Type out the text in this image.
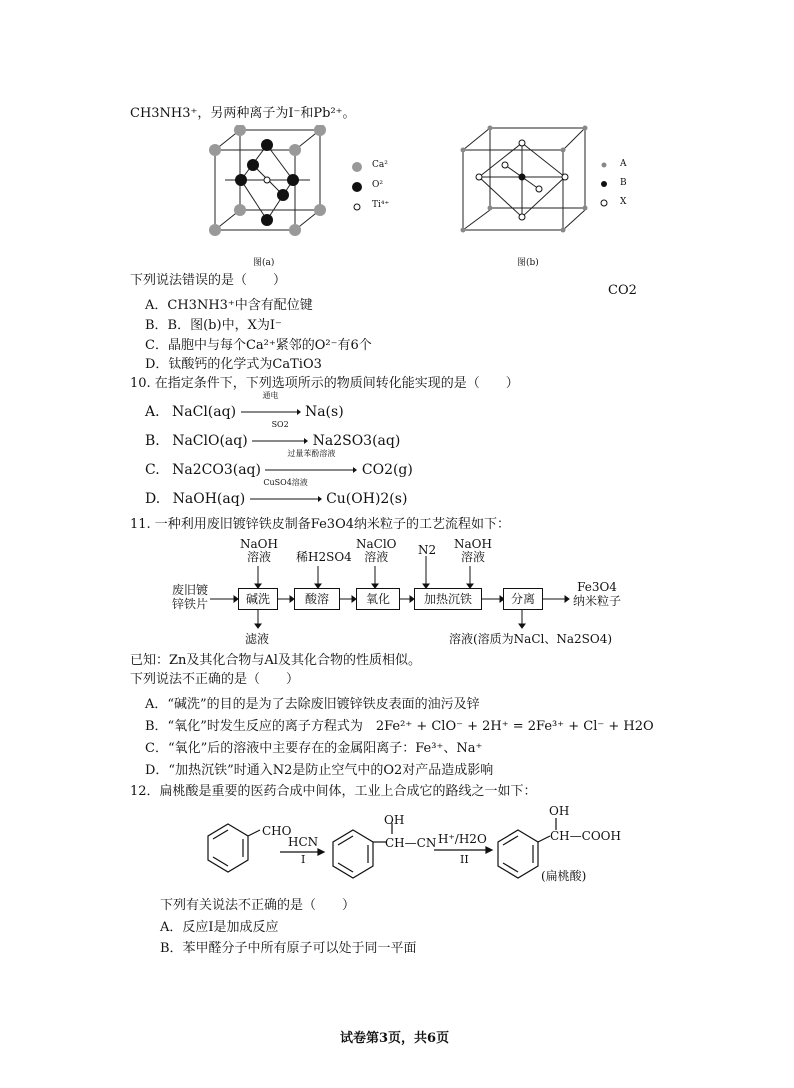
CH3NH3⁺，另两种离子为I⁻和Pb²⁺。
Ca²
O²
Ti⁴⁺
图(a)
A
B
X
图(b)
下列说法错误的是（　　）
CO2
A．CH3NH3⁺中含有配位键
B．B．图(b)中，X为I⁻
C．晶胞中与每个Ca²⁺紧邻的O²⁻有6个
D．钛酸钙的化学式为CaTiO3
10. 在指定条件下，下列选项所示的物质间转化能实现的是（　　）
A. NaCl(aq)
通电
Na(s)
B. NaClO(aq)
SO2
Na2SO3(aq)
C. Na2CO3(aq)
过量苯酚溶液
CO2(g)
D. NaOH(aq)
CuSO4溶液
Cu(OH)2(s)
11. 一种利用废旧镀锌铁皮制备Fe3O4纳米粒子的工艺流程如下：
废旧镀
锌铁片	碱洗	酸溶	氧化	加热沉铁	分离
NaOH
溶液	稀H2SO4
NaClO
溶液	N2 NaOH
溶液
滤液
Fe3O4
纳米粒子
溶液(溶质为NaCl、Na2SO4)
已知：Zn及其化合物与Al及其化合物的性质相似。
下列说法不正确的是（　　）
A．“碱洗”的目的是为了去除废旧镀锌铁皮表面的油污及锌
B．“氧化”时发生反应的离子方程式为　2Fe²⁺ + ClO⁻ + 2H⁺ = 2Fe³⁺ + Cl⁻ + H2O
C．“氧化”后的溶液中主要存在的金属阳离子：Fe³⁺、Na⁺
D．“加热沉铁”时通入N2是防止空气中的O2对产品造成影响
12．扁桃酸是重要的医药合成中间体，工业上合成它的路线之一如下：
CHO
HCN
I
OH
CH—CN H⁺/H2O
II
OH
CH—COOH
(扁桃酸)
下列有关说法不正确的是（　　）
A．反应Ⅰ是加成反应
B．苯甲醛分子中所有原子可以处于同一平面
试卷第3页，共6页
